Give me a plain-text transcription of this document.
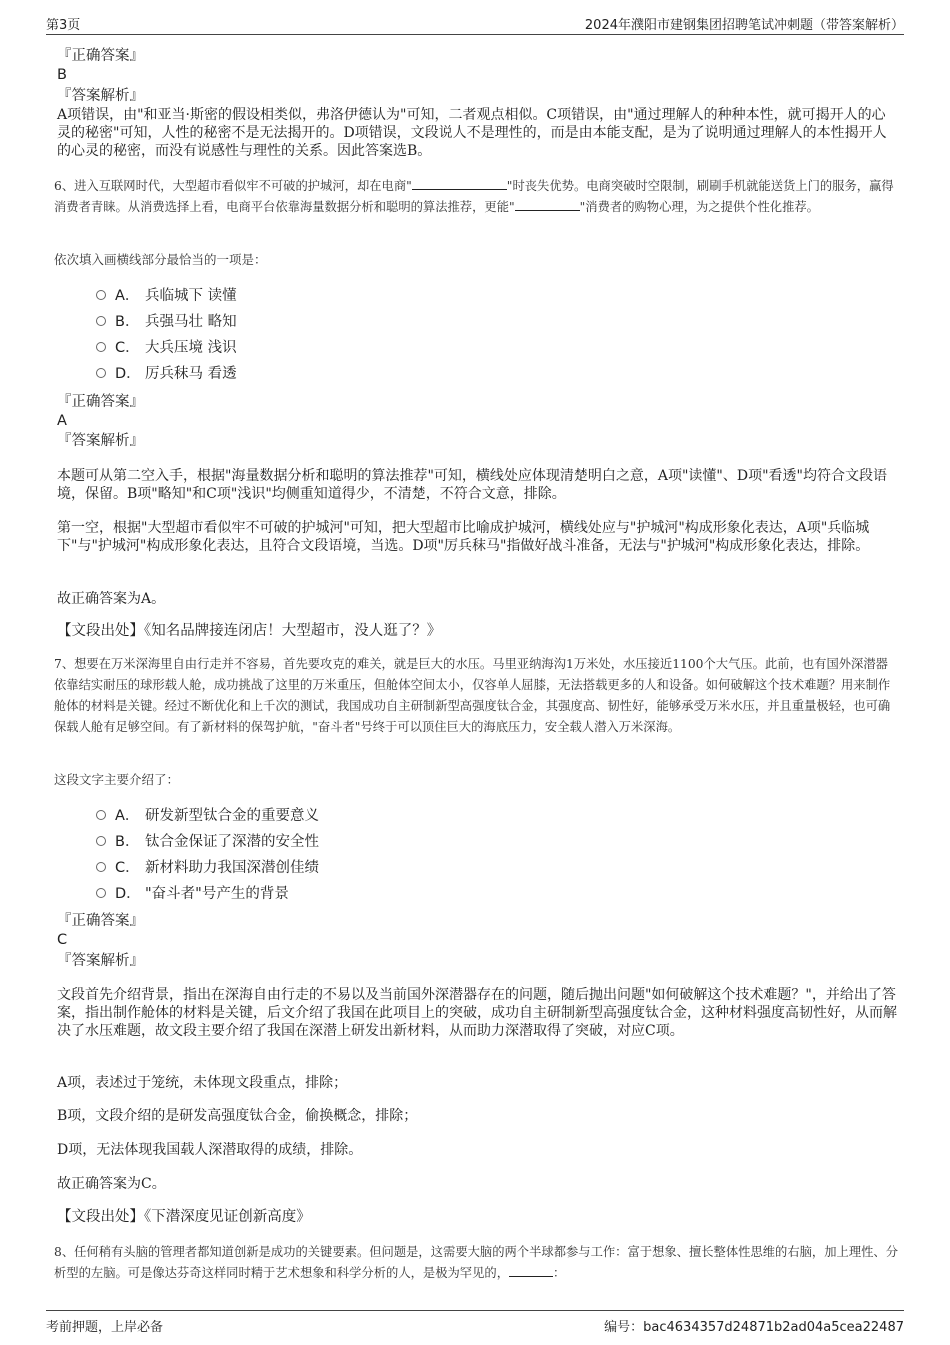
第3页	2024年濮阳市建钢集团招聘笔试冲刺题（带答案解析）
『正确答案』
B
『答案解析』
A项错误，由"和亚当·斯密的假设相类似，弗洛伊德认为"可知，二者观点相似。C项错误，由"通过理解人的种种本性，就可揭开人的心灵的秘密"可知，人性的秘密不是无法揭开的。D项错误，文段说人不是理性的，而是由本能支配，是为了说明通过理解人的本性揭开人的心灵的秘密，而没有说感性与理性的关系。因此答案选B。
6、进入互联网时代，大型超市看似牢不可破的护城河，却在电商"	"时丧失优势。电商突破时空限制，刷刷手机就能送货上门的服务，赢得消费者青睐。从消费选择上看，电商平台依靠海量数据分析和聪明的算法推荐，更能"	"消费者的购物心理，为之提供个性化推荐。
依次填入画横线部分最恰当的一项是：
A． 兵临城下 读懂
B． 兵强马壮 略知
C． 大兵压境 浅识
D． 厉兵秣马 看透
『正确答案』
A
『答案解析』
本题可从第二空入手，根据"海量数据分析和聪明的算法推荐"可知，横线处应体现清楚明白之意，A项"读懂"、D项"看透"均符合文段语境，保留。B项"略知"和C项"浅识"均侧重知道得少，不清楚，不符合文意，排除。
第一空，根据"大型超市看似牢不可破的护城河"可知，把大型超市比喻成护城河，横线处应与"护城河"构成形象化表达，A项"兵临城下"与"护城河"构成形象化表达，且符合文段语境，当选。D项"厉兵秣马"指做好战斗准备，无法与"护城河"构成形象化表达，排除。
故正确答案为A。
【文段出处】《知名品牌接连闭店！大型超市，没人逛了？》
7、想要在万米深海里自由行走并不容易，首先要攻克的难关，就是巨大的水压。马里亚纳海沟1万米处，水压接近1100个大气压。此前，也有国外深潜器依靠结实耐压的球形载人舱，成功挑战了这里的万米重压，但舱体空间太小，仅容单人屈膝，无法搭载更多的人和设备。如何破解这个技术难题？用来制作舱体的材料是关键。经过不断优化和上千次的测试，我国成功自主研制新型高强度钛合金，其强度高、韧性好，能够承受万米水压，并且重量极轻，也可确保载人舱有足够空间。有了新材料的保驾护航，"奋斗者"号终于可以顶住巨大的海底压力，安全载人潜入万米深海。
这段文字主要介绍了：
A． 研发新型钛合金的重要意义
B． 钛合金保证了深潜的安全性
C． 新材料助力我国深潜创佳绩
D． "奋斗者"号产生的背景
『正确答案』
C
『答案解析』
文段首先介绍背景，指出在深海自由行走的不易以及当前国外深潜器存在的问题，随后抛出问题"如何破解这个技术难题？"，并给出了答案，指出制作舱体的材料是关键，后文介绍了我国在此项目上的突破，成功自主研制新型高强度钛合金，这种材料强度高韧性好，从而解决了水压难题，故文段主要介绍了我国在深潜上研发出新材料，从而助力深潜取得了突破，对应C项。
A项，表述过于笼统，未体现文段重点，排除；
B项，文段介绍的是研发高强度钛合金，偷换概念，排除；
D项，无法体现我国载人深潜取得的成绩，排除。
故正确答案为C。
【文段出处】《下潜深度见证创新高度》
8、任何稍有头脑的管理者都知道创新是成功的关键要素。但问题是，这需要大脑的两个半球都参与工作：富于想象、擅长整体性思维的右脑，加上理性、分析型的左脑。可是像达芬奇这样同时精于艺术想象和科学分析的人，是极为罕见的，	：
考前押题，上岸必备	编号：bac4634357d24871b2ad04a5cea22487
